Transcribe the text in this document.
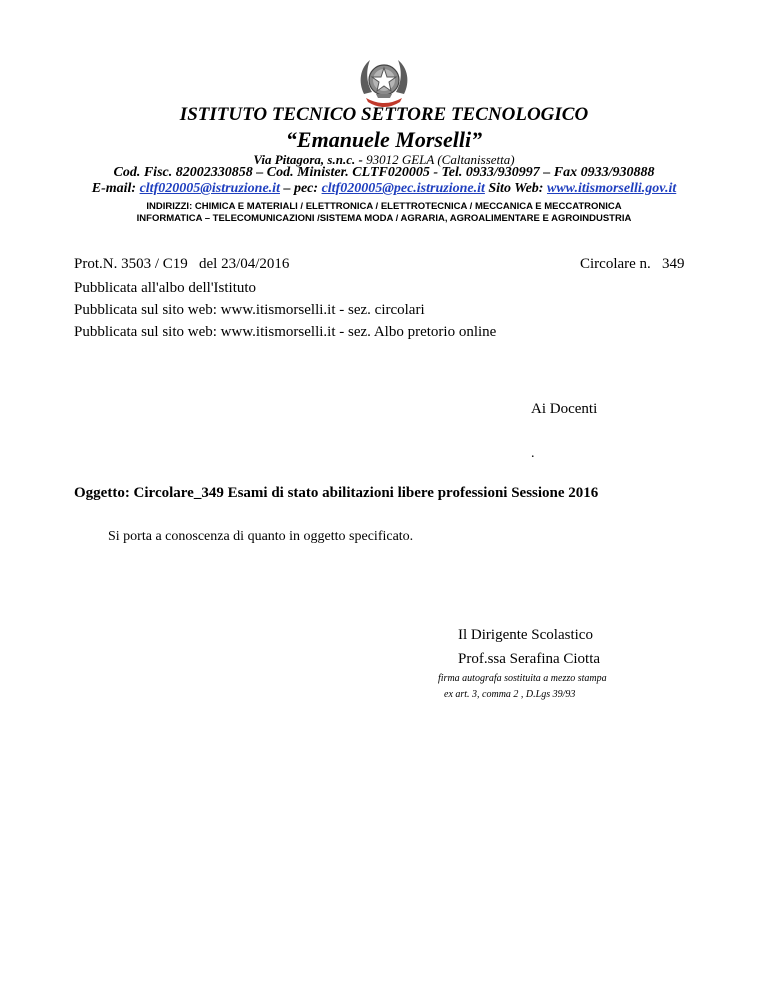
ISTITUTO TECNICO SETTORE TECNOLOGICO
“Emanuele Morselli”
Via Pitagora, s.n.c. - 93012 GELA (Caltanissetta)
Cod. Fisc. 82002330858 – Cod. Minister. CLTF020005 - Tel. 0933/930997 – Fax 0933/930888
E-mail: cltf020005@istruzione.it – pec: cltf020005@pec.istruzione.it Sito Web: www.itismorselli.gov.it
INDIRIZZI: CHIMICA E MATERIALI / ELETTRONICA / ELETTROTECNICA / MECCANICA E MECCATRONICA
INFORMATICA – TELECOMUNICAZIONI /SISTEMA MODA / AGRARIA, AGROALIMENTARE E AGROINDUSTRIA
Prot.N. 3503 / C19   del 23/04/2016	Circolare n.   349
Pubblicata all'albo dell'Istituto
Pubblicata sul sito web: www.itismorselli.it - sez. circolari
Pubblicata sul sito web: www.itismorselli.it - sez. Albo pretorio online
Ai Docenti
.
Oggetto: Circolare_349 Esami di stato abilitazioni libere professioni Sessione 2016
Si porta a conoscenza di quanto in oggetto specificato.
Il Dirigente Scolastico
Prof.ssa Serafina Ciotta
firma autografa sostituita a mezzo stampa
ex art. 3, comma 2 , D.Lgs 39/93
